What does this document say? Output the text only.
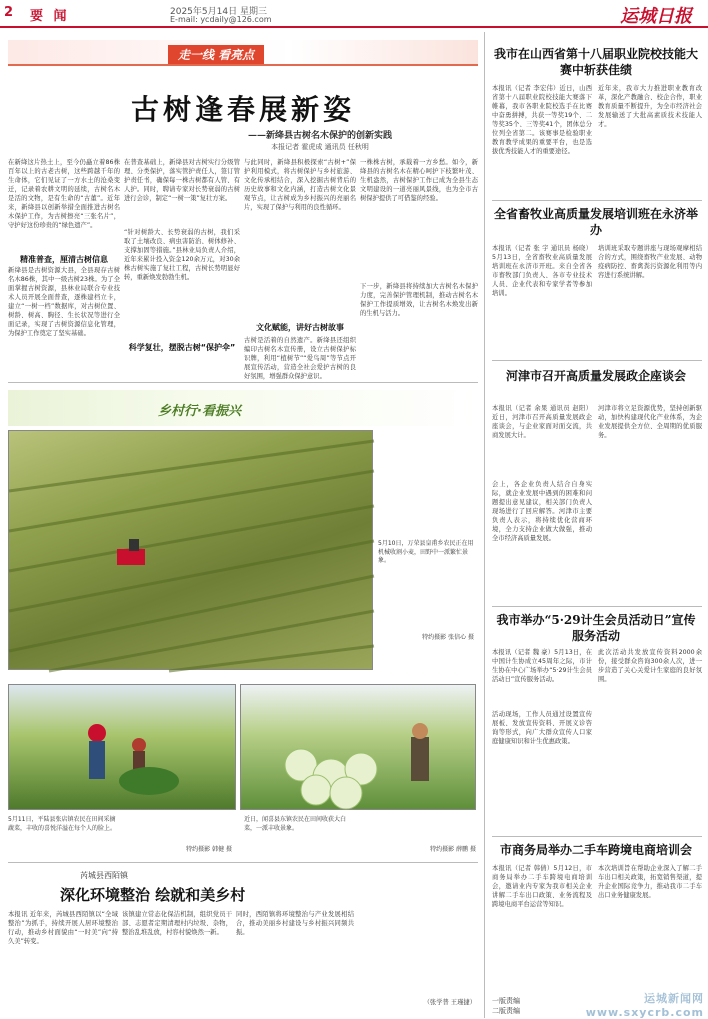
2 要 闻	2025年5月14日 星期三
E-mail: ycdaily@126.com	运城日报
走一线 看亮点
古树逢春展新姿
——新绛县古树名木保护的创新实践
本报记者 霍虎成 通讯员 任秋明
在新绛这片热土上，至今仍矗立着86株百年以上的古老古树，这些跨越千年的生命体，它们见证了一方水土的沧桑变迁，记录着农耕文明的延续，古树名木是活的文物，是有生命的“古董”。近年来，新绛县以创新举措全面推进古树名木保护工作，为古树擦亮“三张名片”，守护好这份珍贵的“绿色遗产”。
精准普查，厘清古树信息
新绛县是古树资源大县，全县现存古树名木86株，其中一级古树23株。为了全面掌握古树资源，县林业局联合专业技术人员开展全面普查，逐株建档立卡，建立“一树一档”数据库，对古树位置、树龄、树高、胸径、生长状况等进行全面记录，实现了古树资源信息化管理，为保护工作奠定了坚实基础。
在普查基础上，新绛县对古树实行分级管理、分类保护，落实管护责任人，签订管护责任书，确保每一株古树都有人管、有人护。同时，聘请专家对长势衰弱的古树进行会诊，制定“一树一策”复壮方案。
“针对树龄大、长势衰弱的古树，我们采取了土壤改良、病虫害防治、树体修补、支撑加固等措施。”县林业局负责人介绍，近年来累计投入资金120余万元，对30余株古树实施了复壮工程，古树长势明显好转，重新焕发勃勃生机。
科学复壮，摆脱古树“保护伞”
与此同时，新绛县积极探索“古树+”保护利用模式，将古树保护与乡村旅游、文化传承相结合，深入挖掘古树背后的历史故事和文化内涵，打造古树文化景观节点，让古树成为乡村振兴的亮丽名片，实现了保护与利用的良性循环。
文化赋能，讲好古树故事
古树是活着的自然遗产。新绛县还组织编印古树名木宣传册，设立古树保护标识牌，利用“植树节”“爱鸟周”等节点开展宣传活动，营造全社会爱护古树的良好氛围，增强群众保护意识。
一株株古树，承载着一方乡愁。如今，新绛县的古树名木在精心呵护下枝繁叶茂、生机盎然，古树保护工作已成为全县生态文明建设的一道亮丽风景线，也为全市古树保护提供了可借鉴的经验。
下一步，新绛县将持续加大古树名木保护力度，完善保护管理机制，推动古树名木保护工作提质增效，让古树名木焕发出新的生机与活力。
乡村行·看振兴
5月10日，万荣县皇甫乡农民正在用机械收割小麦，田野中一派繁忙景象。
特约摄影 张信心 摄
5月11日，平陆县张店镇农民在田间采摘蔬菜，丰收的喜悦洋溢在每个人的脸上。
特约摄影 韩健 摄
近日，闻喜县东镇农民在田间收获大白菜，一派丰收景象。
特约摄影 薛鹏 摄
芮城县西陌镇
深化环境整治 绘就和美乡村
本报讯 近年来，芮城县西陌镇以“全域整治”为抓手，持续开展人居环境整治行动，推动乡村面貌由“一时美”向“持久美”转变。
该镇建立常态化保洁机制，组织党员干部、志愿者定期清理村内垃圾、杂物，整治乱堆乱放，村容村貌焕然一新。
同时，西陌镇将环境整治与产业发展相结合，推动美丽乡村建设与乡村振兴同频共振。
（张学普 王瑾捷）
我市在山西省第十八届职业院校技能大赛中斩获佳绩
本报讯（记者 李宏伟）近日，山西省第十八届职业院校技能大赛落下帷幕，我市各职业院校选手在比赛中奋勇拼搏，共获一等奖19个、二等奖35个、三等奖41个，团体总分位列全省第二。该赛事是检验职业教育教学成果的重要平台，也是选拔优秀技能人才的重要途径。
近年来，我市大力推进职业教育改革，深化产教融合、校企合作，职业教育质量不断提升，为全市经济社会发展输送了大批高素质技术技能人才。
全省畜牧业高质量发展培训班在永济举办
本报讯（记者 张 宇 通讯员 杨晓）5月13日，全省畜牧业高质量发展培训班在永济市开班。来自全省各市畜牧部门负责人、各市专业技术人员、企业代表和专家学者等参加培训。
培训班采取专题讲座与现场观摩相结合的方式，围绕畜牧产业发展、动物疫病防控、畜禽粪污资源化利用等内容进行系统讲解。
河津市召开高质量发展政企座谈会
本报讯（记者 余果 通讯员 赵阳）近日，河津市召开高质量发展政企座谈会，与企业家面对面交流，共商发展大计。
会上，各企业负责人结合自身实际，就企业发展中遇到的困难和问题提出意见建议，相关部门负责人现场进行了回应解答。河津市主要负责人表示，将持续优化营商环境，全力支持企业做大做强，推动全市经济高质量发展。
河津市将立足资源优势，坚持创新驱动，加快构建现代化产业体系，为企业发展提供全方位、全周期的优质服务。
我市举办“5·29计生会员活动日”宣传服务活动
本报讯（记者 魏 豪）5月13日，在中国计生协成立45周年之际，市计生协在中心广场举办“5·29计生会员活动日”宣传服务活动。
活动现场，工作人员通过设置宣传展板、发放宣传资料、开展义诊咨询等形式，向广大群众宣传人口家庭健康知识和计生优惠政策。
此次活动共发放宣传资料2000余份，接受群众咨询300余人次，进一步营造了关心关爱计生家庭的良好氛围。
市商务局举办二手车跨境电商培训会
本报讯（记者 韩倩）5月12日，市商务局举办二手车跨境电商培训会，邀请业内专家为我市相关企业讲解二手车出口政策、业务流程及跨境电商平台运营等知识。
本次培训旨在帮助企业深入了解二手车出口相关政策，拓宽销售渠道，提升企业国际竞争力，推动我市二手车出口业务健康发展。
一版责编
二版责编
运城新闻网 www.sxycrb.com
